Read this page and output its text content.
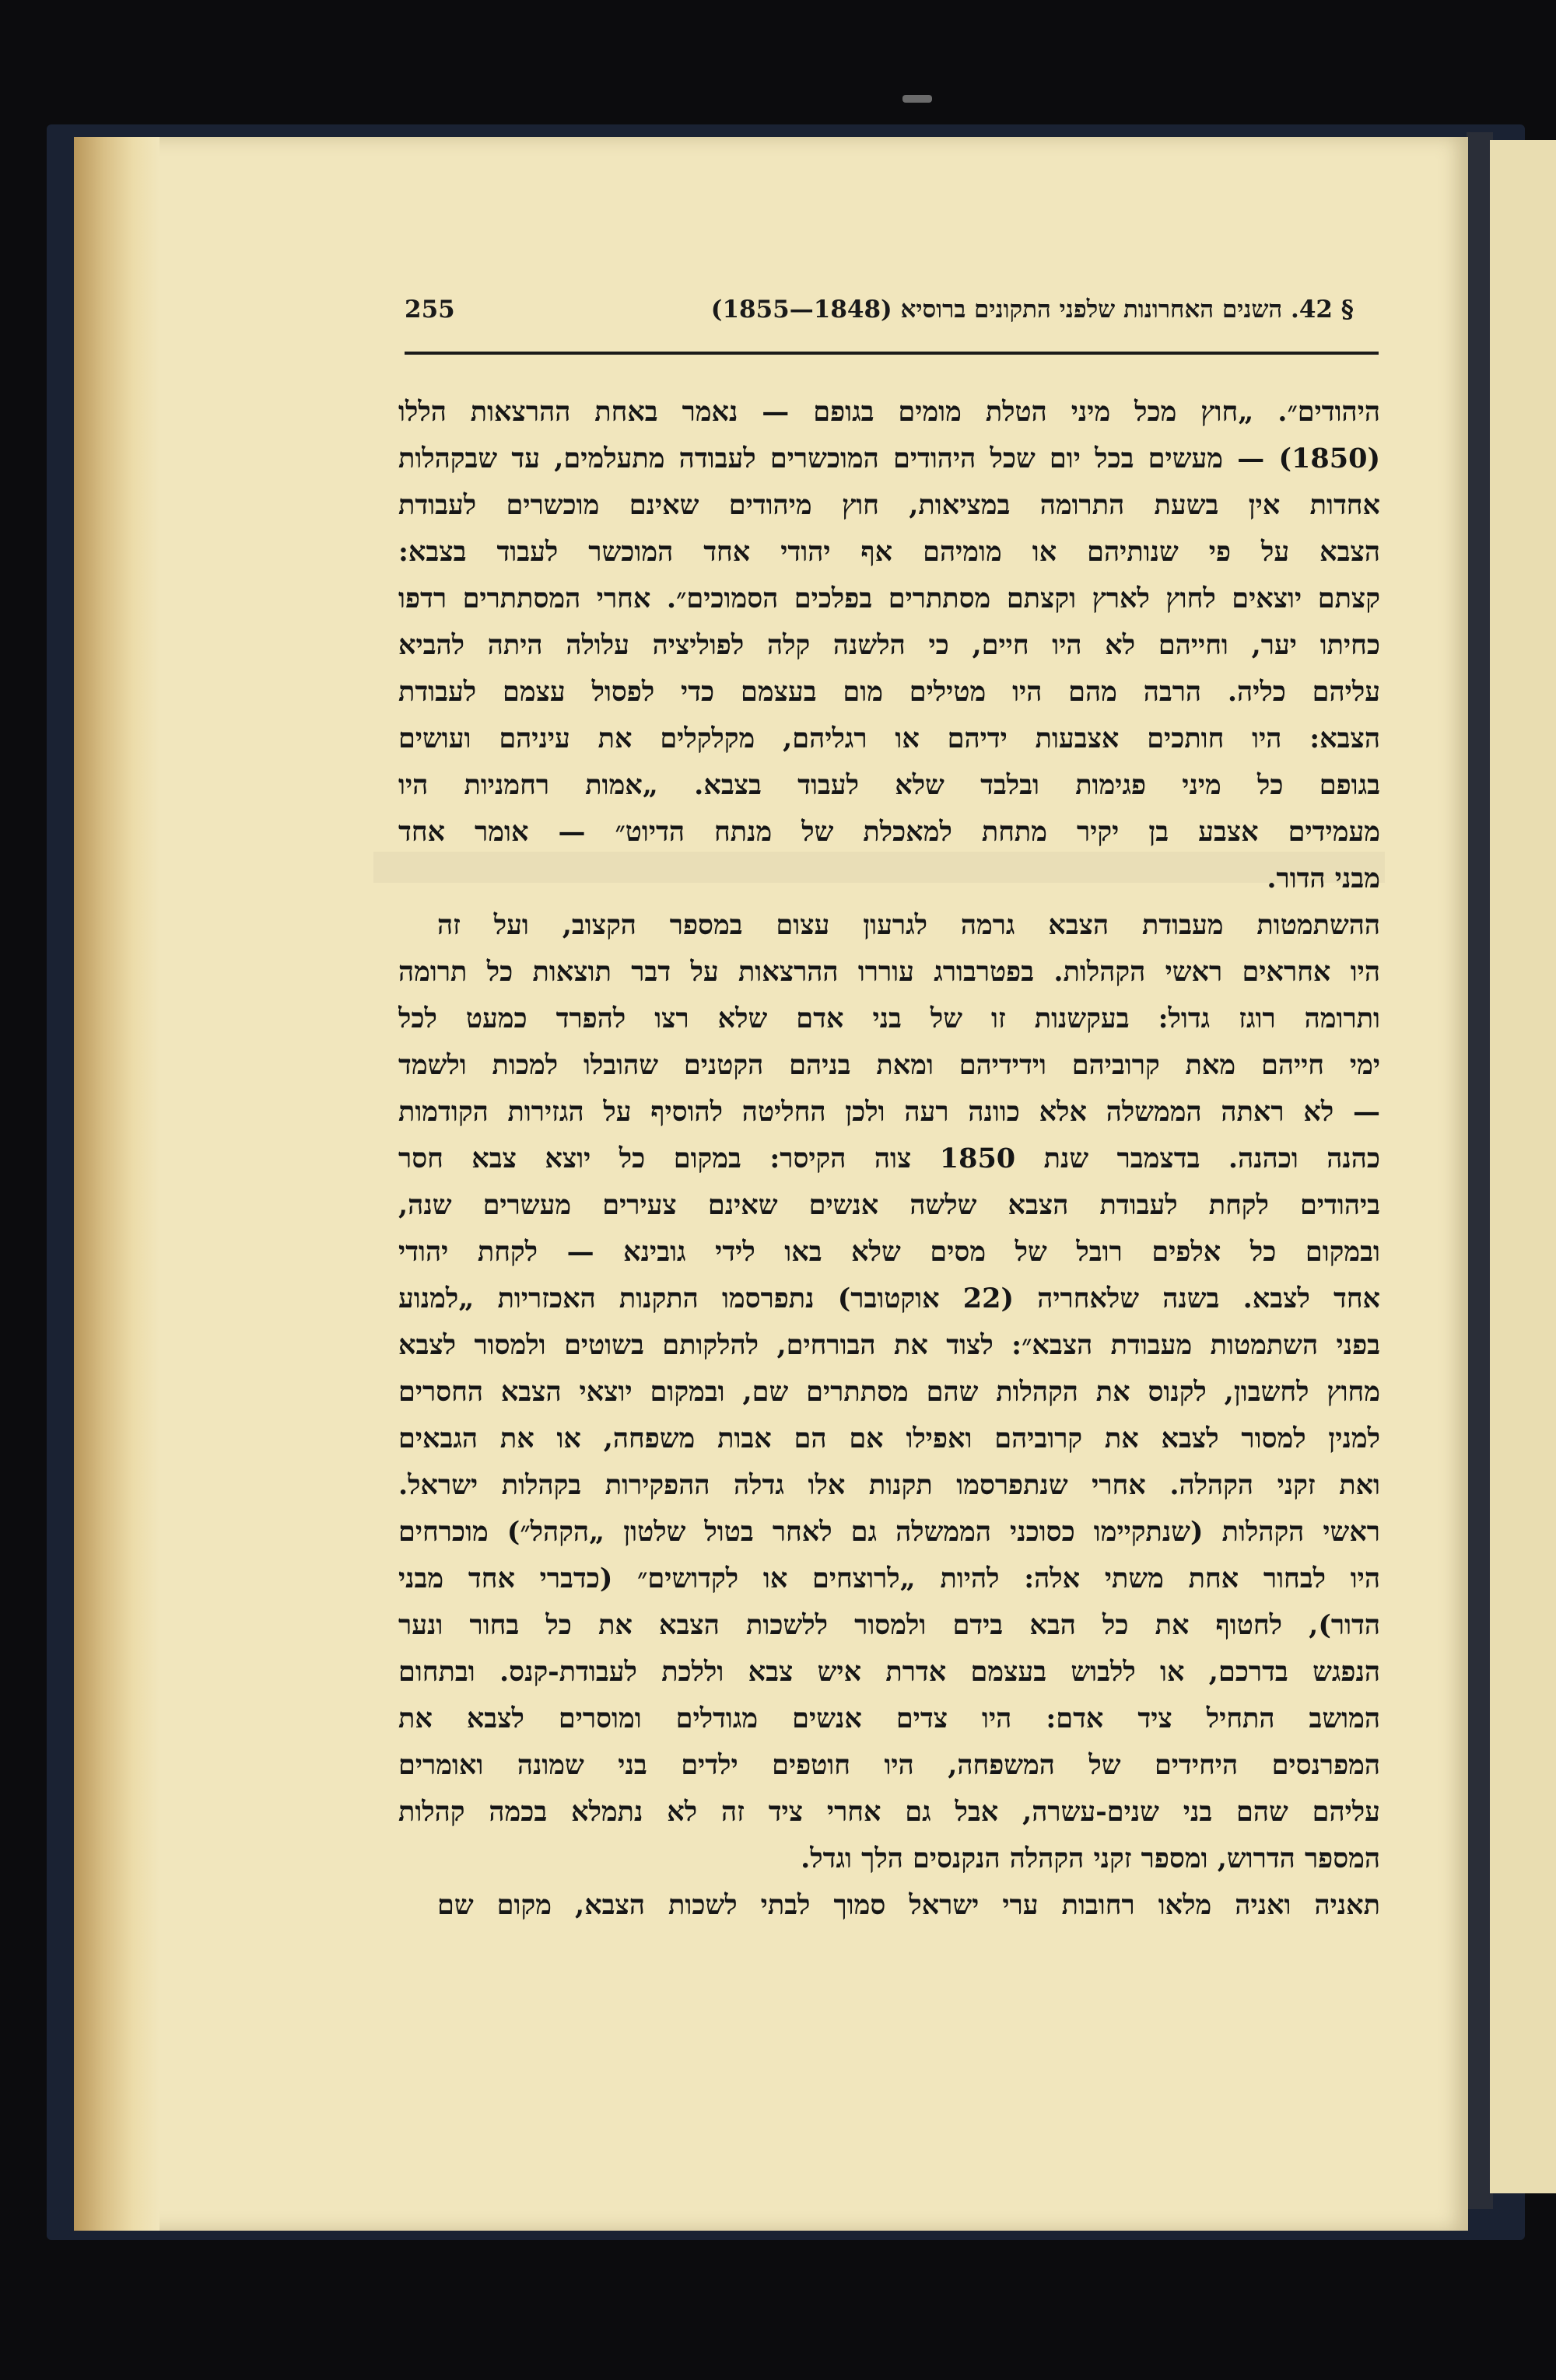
255	§ 42. השנים האחרונות שלפני התקונים ברוסיא (1848—1855)
היהודים״. „חוץ מכל מיני הטלת מומים בגופם — נאמר באחת ההרצאות הללו
(1850) — מעשים בכל יום שכל היהודים המוכשרים לעבודה מתעלמים, עד שבקהלות
אחדות אין בשעת התרומה במציאות, חוץ מיהודים שאינם מוכשרים לעבודת
הצבא על פי שנותיהם או מומיהם אף יהודי אחד המוכשר לעבוד בצבא:
קצתם יוצאים לחוץ לארץ וקצתם מסתתרים בפלכים הסמוכים״. אחרי המסתתרים רדפו
כחיתו יער, וחייהם לא היו חיים, כי הלשנה קלה לפוליציה עלולה היתה להביא
עליהם כליה. הרבה מהם היו מטילים מום בעצמם כדי לפסול עצמם לעבודת
הצבא: היו חותכים אצבעות ידיהם או רגליהם, מקלקלים את עיניהם ועושים
בגופם כל מיני פגימות ובלבד שלא לעבוד בצבא. „אמות רחמניות היו
מעמידים אצבע בן יקיר מתחת למאכלת של מנתח הדיוט״ — אומר אחד
מבני הדור.
ההשתמטות מעבודת הצבא גרמה לגרעון עצום במספר הקצוב, ועל זה
היו אחראים ראשי הקהלות. בפטרבורג עוררו ההרצאות על דבר תוצאות כל תרומה
ותרומה רוגז גדול: בעקשנות זו של בני אדם שלא רצו להפרד כמעט לכל
ימי חייהם מאת קרוביהם וידידיהם ומאת בניהם הקטנים שהובלו למכות ולשמד
— לא ראתה הממשלה אלא כוונה רעה ולכן החליטה להוסיף על הגזירות הקודמות
כהנה וכהנה. בדצמבר שנת 1850 צוה הקיסר: במקום כל יוצא צבא חסר
ביהודים לקחת לעבודת הצבא שלשה אנשים שאינם צעירים מעשרים שנה,
ובמקום כל אלפים רובל של מסים שלא באו לידי גובינא — לקחת יהודי
אחד לצבא. בשנה שלאחריה (22 אוקטובר) נתפרסמו התקנות האכזריות „למנוע
בפני השתמטות מעבודת הצבא״: לצוד את הבורחים, להלקותם בשוטים ולמסור לצבא
מחוץ לחשבון, לקנוס את הקהלות שהם מסתתרים שם, ובמקום יוצאי הצבא החסרים
למנין למסור לצבא את קרוביהם ואפילו אם הם אבות משפחה, או את הגבאים
ואת זקני הקהלה. אחרי שנתפרסמו תקנות אלו גדלה ההפקירות בקהלות ישראל.
ראשי הקהלות (שנתקיימו כסוכני הממשלה גם לאחר בטול שלטון „הקהל״) מוכרחים
היו לבחור אחת משתי אלה: להיות „לרוצחים או לקדושים״ (כדברי אחד מבני
הדור), לחטוף את כל הבא בידם ולמסור ללשכות הצבא את כל בחור ונער
הנפגש בדרכם, או ללבוש בעצמם אדרת איש צבא וללכת לעבודת-קנס. ובתחום
המושב התחיל ציד אדם: היו צדים אנשים מגודלים ומוסרים לצבא את
המפרנסים היחידים של המשפחה, היו חוטפים ילדים בני שמונה ואומרים
עליהם שהם בני שנים-עשרה, אבל גם אחרי ציד זה לא נתמלא בכמה קהלות
המספר הדרוש, ומספר זקני הקהלה הנקנסים הלך וגדל.
תאניה ואניה מלאו רחובות ערי ישראל סמוך לבתי לשכות הצבא, מקום שם
